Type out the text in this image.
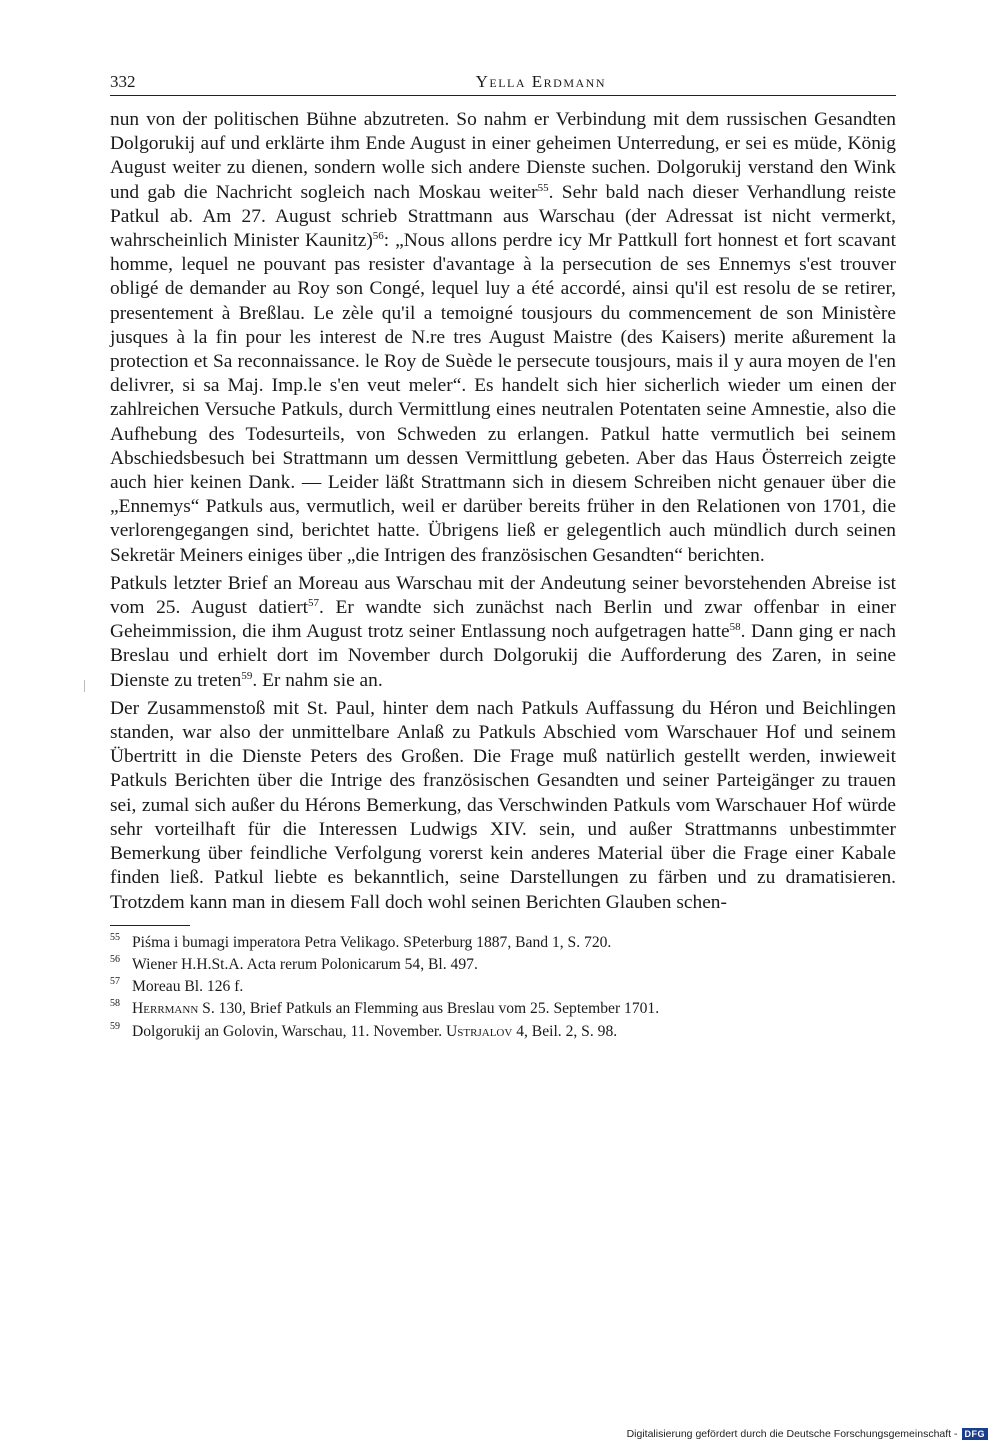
332	Yella Erdmann

nun von der politischen Bühne abzutreten. So nahm er Verbindung mit dem russischen Gesandten Dolgorukij auf und erklärte ihm Ende August in einer geheimen Unterredung, er sei es müde, König August weiter zu dienen, sondern wolle sich andere Dienste suchen. Dolgorukij verstand den Wink und gab die Nachricht sogleich nach Moskau weiter$^{55}$. Sehr bald nach dieser Verhandlung reiste Patkul ab. Am 27. August schrieb Strattmann aus Warschau (der Adressat ist nicht vermerkt, wahrscheinlich Minister Kaunitz)$^{56}$: „Nous allons perdre icy Mr Pattkull fort honnest et fort scavant homme, lequel ne pouvant pas resister d'avantage à la persecution de ses Ennemys s'est trouver obligé de demander au Roy son Congé, lequel luy a été accordé, ainsi qu'il est resolu de se retirer, presentement à Breßlau. Le zèle qu'il a temoigné tousjours du commencement de son Ministère jusques à la fin pour les interest de N.re tres August Maistre (des Kaisers) merite aßurement la protection et Sa reconnaissance. le Roy de Suède le persecute tousjours, mais il y aura moyen de l'en delivrer, si sa Maj. Imp.le s'en veut meler“. Es handelt sich hier sicherlich wieder um einen der zahlreichen Versuche Patkuls, durch Vermittlung eines neutralen Potentaten seine Amnestie, also die Aufhebung des Todesurteils, von Schweden zu erlangen. Patkul hatte vermutlich bei seinem Abschiedsbesuch bei Strattmann um dessen Vermittlung gebeten. Aber das Haus Österreich zeigte auch hier keinen Dank. — Leider läßt Strattmann sich in diesem Schreiben nicht genauer über die „Ennemys“ Patkuls aus, vermutlich, weil er darüber bereits früher in den Relationen von 1701, die verlorengegangen sind, berichtet hatte. Übrigens ließ er gelegentlich auch mündlich durch seinen Sekretär Meiners einiges über „die Intrigen des französischen Gesandten“ berichten.

Patkuls letzter Brief an Moreau aus Warschau mit der Andeutung seiner bevorstehenden Abreise ist vom 25. August datiert$^{57}$. Er wandte sich zunächst nach Berlin und zwar offenbar in einer Geheimmission, die ihm August trotz seiner Entlassung noch aufgetragen hatte$^{58}$. Dann ging er nach Breslau und erhielt dort im November durch Dolgorukij die Aufforderung des Zaren, in seine Dienste zu treten$^{59}$. Er nahm sie an.

Der Zusammenstoß mit St. Paul, hinter dem nach Patkuls Auffassung du Héron und Beichlingen standen, war also der unmittelbare Anlaß zu Patkuls Abschied vom Warschauer Hof und seinem Übertritt in die Dienste Peters des Großen. Die Frage muß natürlich gestellt werden, inwieweit Patkuls Berichten über die Intrige des französischen Gesandten und seiner Parteigänger zu trauen sei, zumal sich außer du Hérons Bemerkung, das Verschwinden Patkuls vom Warschauer Hof würde sehr vorteilhaft für die Interessen Ludwigs XIV. sein, und außer Strattmanns unbestimmter Bemerkung über feindliche Verfolgung vorerst kein anderes Material über die Frage einer Kabale finden ließ. Patkul liebte es bekanntlich, seine Darstellungen zu färben und zu dramatisieren. Trotzdem kann man in diesem Fall doch wohl seinen Berichten Glauben schen-

55 Piśma i bumagi imperatora Petra Velikago. SPeterburg 1887, Band 1, S. 720.
56 Wiener H.H.St.A. Acta rerum Polonicarum 54, Bl. 497.
57 Moreau Bl. 126 f.
58 Herrmann S. 130, Brief Patkuls an Flemming aus Breslau vom 25. September 1701.
59 Dolgorukij an Golovin, Warschau, 11. November. Ustrjalov 4, Beil. 2, S. 98.
Digitalisierung gefördert durch die Deutsche Forschungsgemeinschaft - DFG
